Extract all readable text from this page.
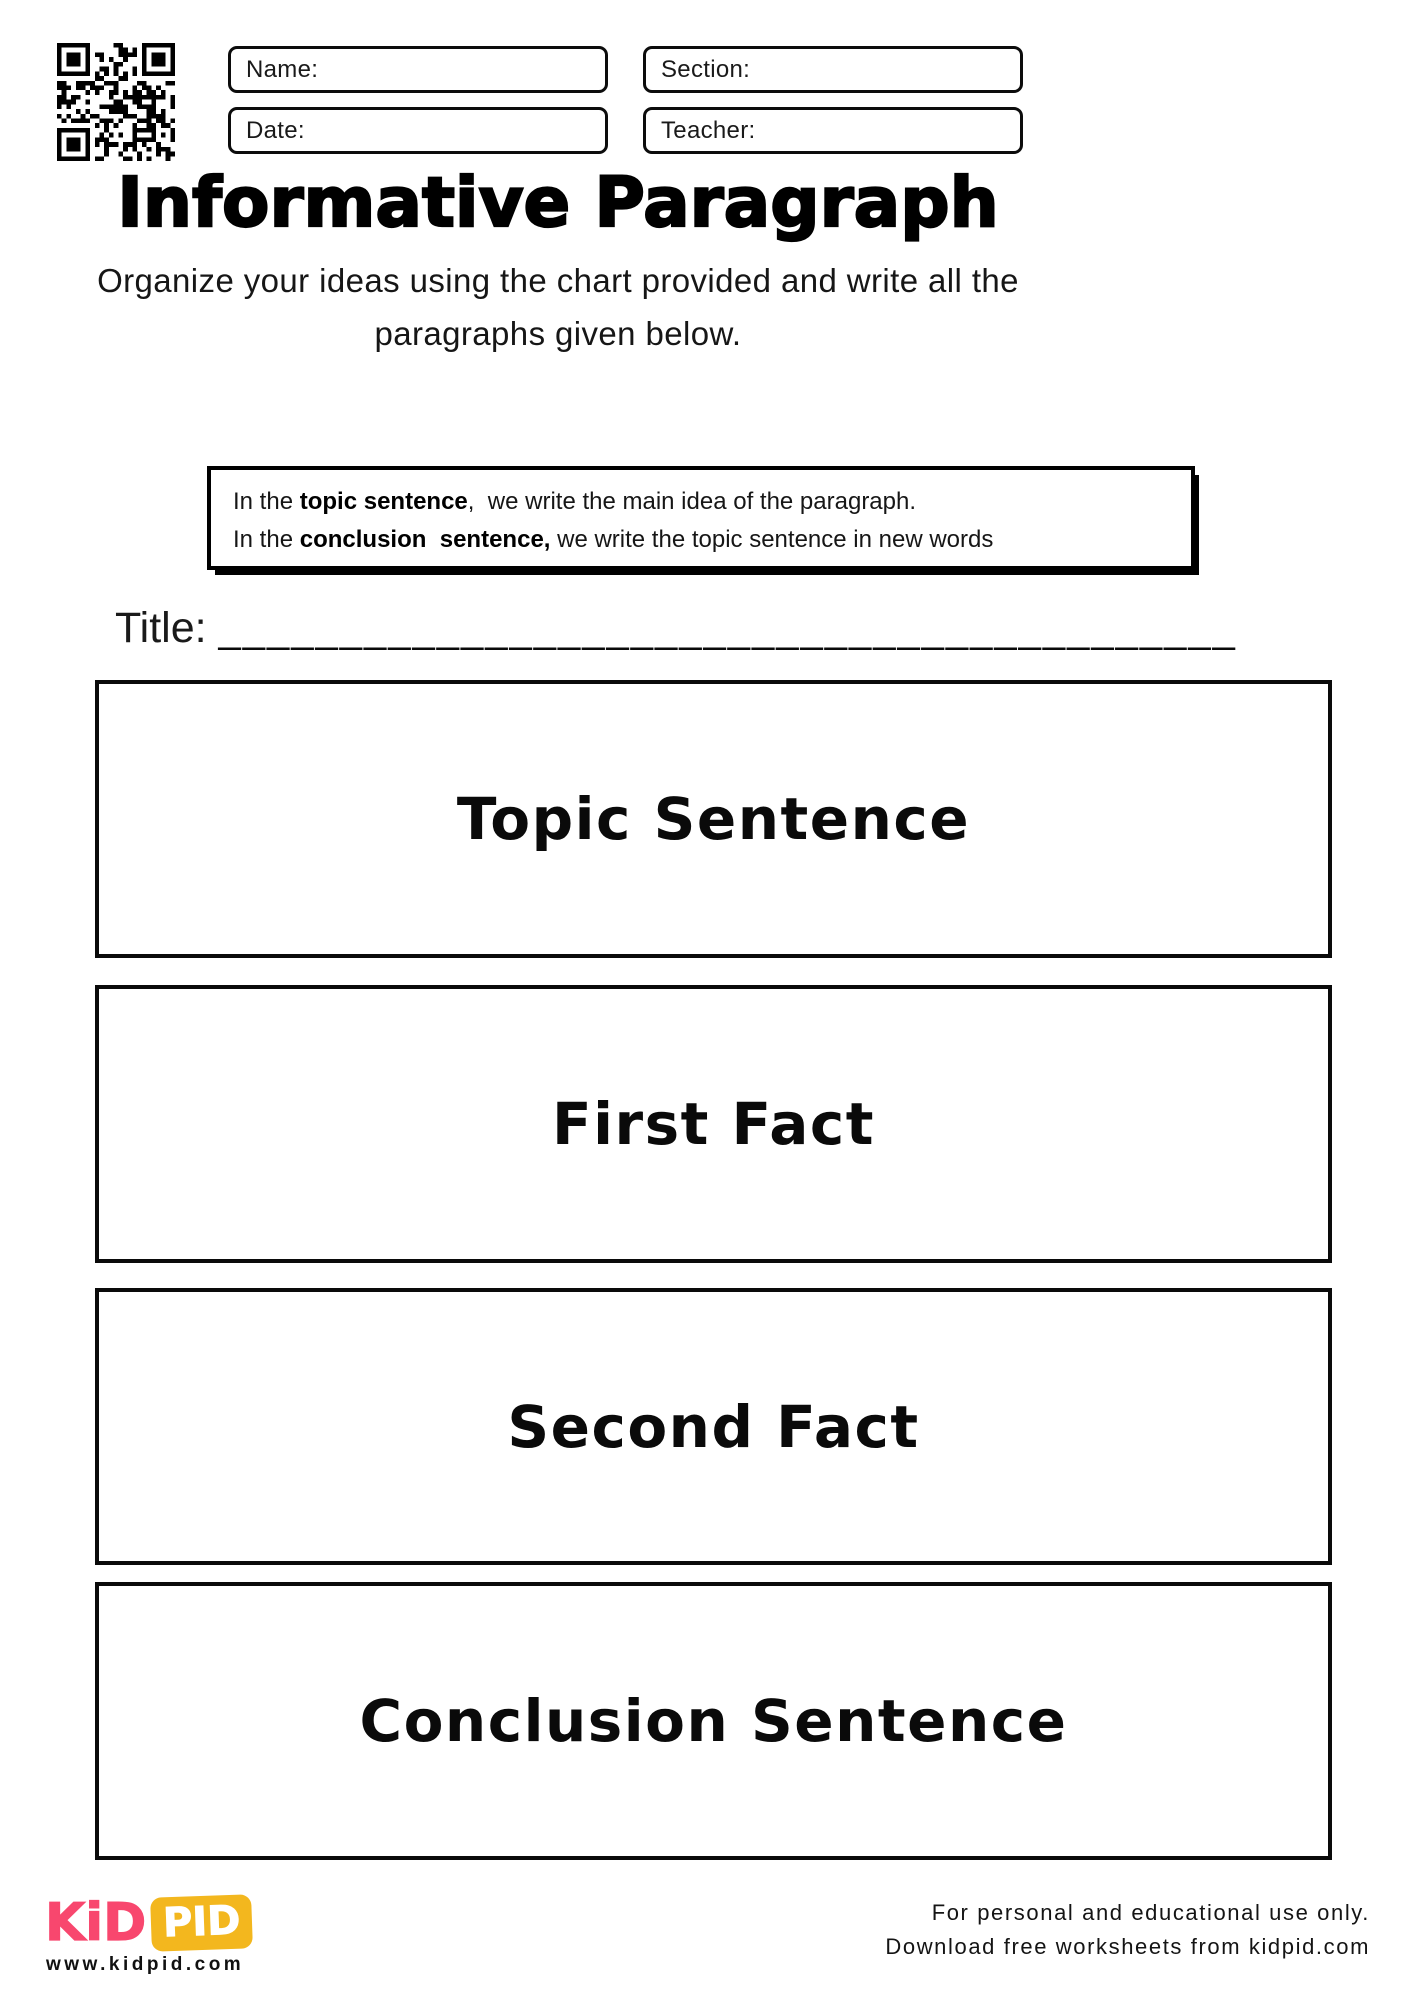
Name:	Section:
Date:	Teacher:
Informative Paragraph
Organize your ideas using the chart provided and write all the
paragraphs given below.
In the topic sentence,  we write the main idea of the paragraph.
In the conclusion  sentence, we write the topic sentence in new words
Title: __________________________________________
Topic Sentence
First Fact
Second Fact
Conclusion Sentence
KiD PID
www.kidpid.com
For personal and educational use only.
Download free worksheets from kidpid.com
